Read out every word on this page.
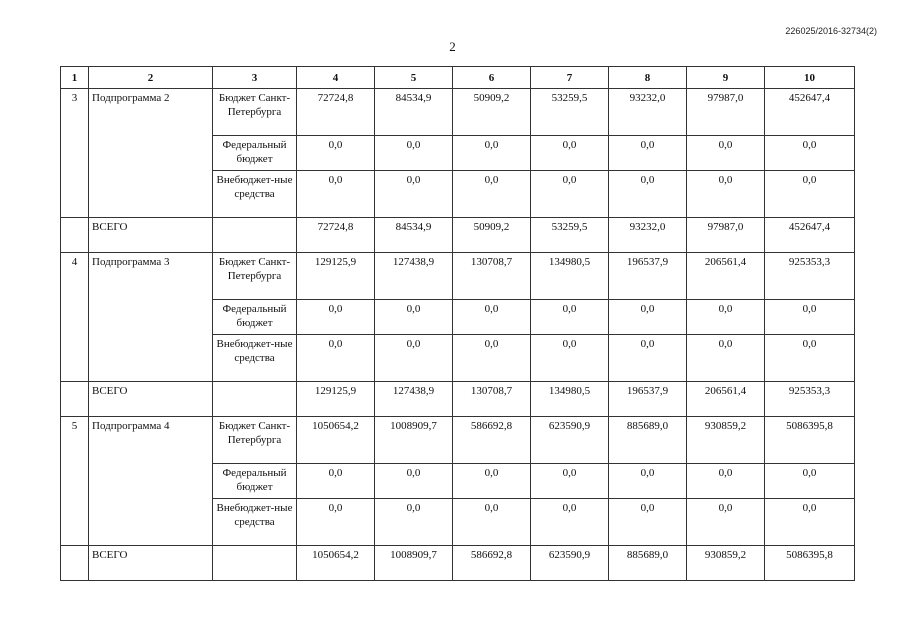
226025/2016-32734(2)
2
1	2	3	4	5	6	7	8	9	10
3	Подпрограмма 2	Бюджет Санкт-Петербурга	72724,8	84534,9	50909,2	53259,5	93232,0	97987,0	452647,4
		Федеральный бюджет	0,0	0,0	0,0	0,0	0,0	0,0	0,0
		Внебюджет-ные средства	0,0	0,0	0,0	0,0	0,0	0,0	0,0
	ВСЕГО		72724,8	84534,9	50909,2	53259,5	93232,0	97987,0	452647,4
4	Подпрограмма 3	Бюджет Санкт-Петербурга	129125,9	127438,9	130708,7	134980,5	196537,9	206561,4	925353,3
		Федеральный бюджет	0,0	0,0	0,0	0,0	0,0	0,0	0,0
		Внебюджет-ные средства	0,0	0,0	0,0	0,0	0,0	0,0	0,0
	ВСЕГО		129125,9	127438,9	130708,7	134980,5	196537,9	206561,4	925353,3
5	Подпрограмма 4	Бюджет Санкт-Петербурга	1050654,2	1008909,7	586692,8	623590,9	885689,0	930859,2	5086395,8
		Федеральный бюджет	0,0	0,0	0,0	0,0	0,0	0,0	0,0
		Внебюджет-ные средства	0,0	0,0	0,0	0,0	0,0	0,0	0,0
	ВСЕГО		1050654,2	1008909,7	586692,8	623590,9	885689,0	930859,2	5086395,8
